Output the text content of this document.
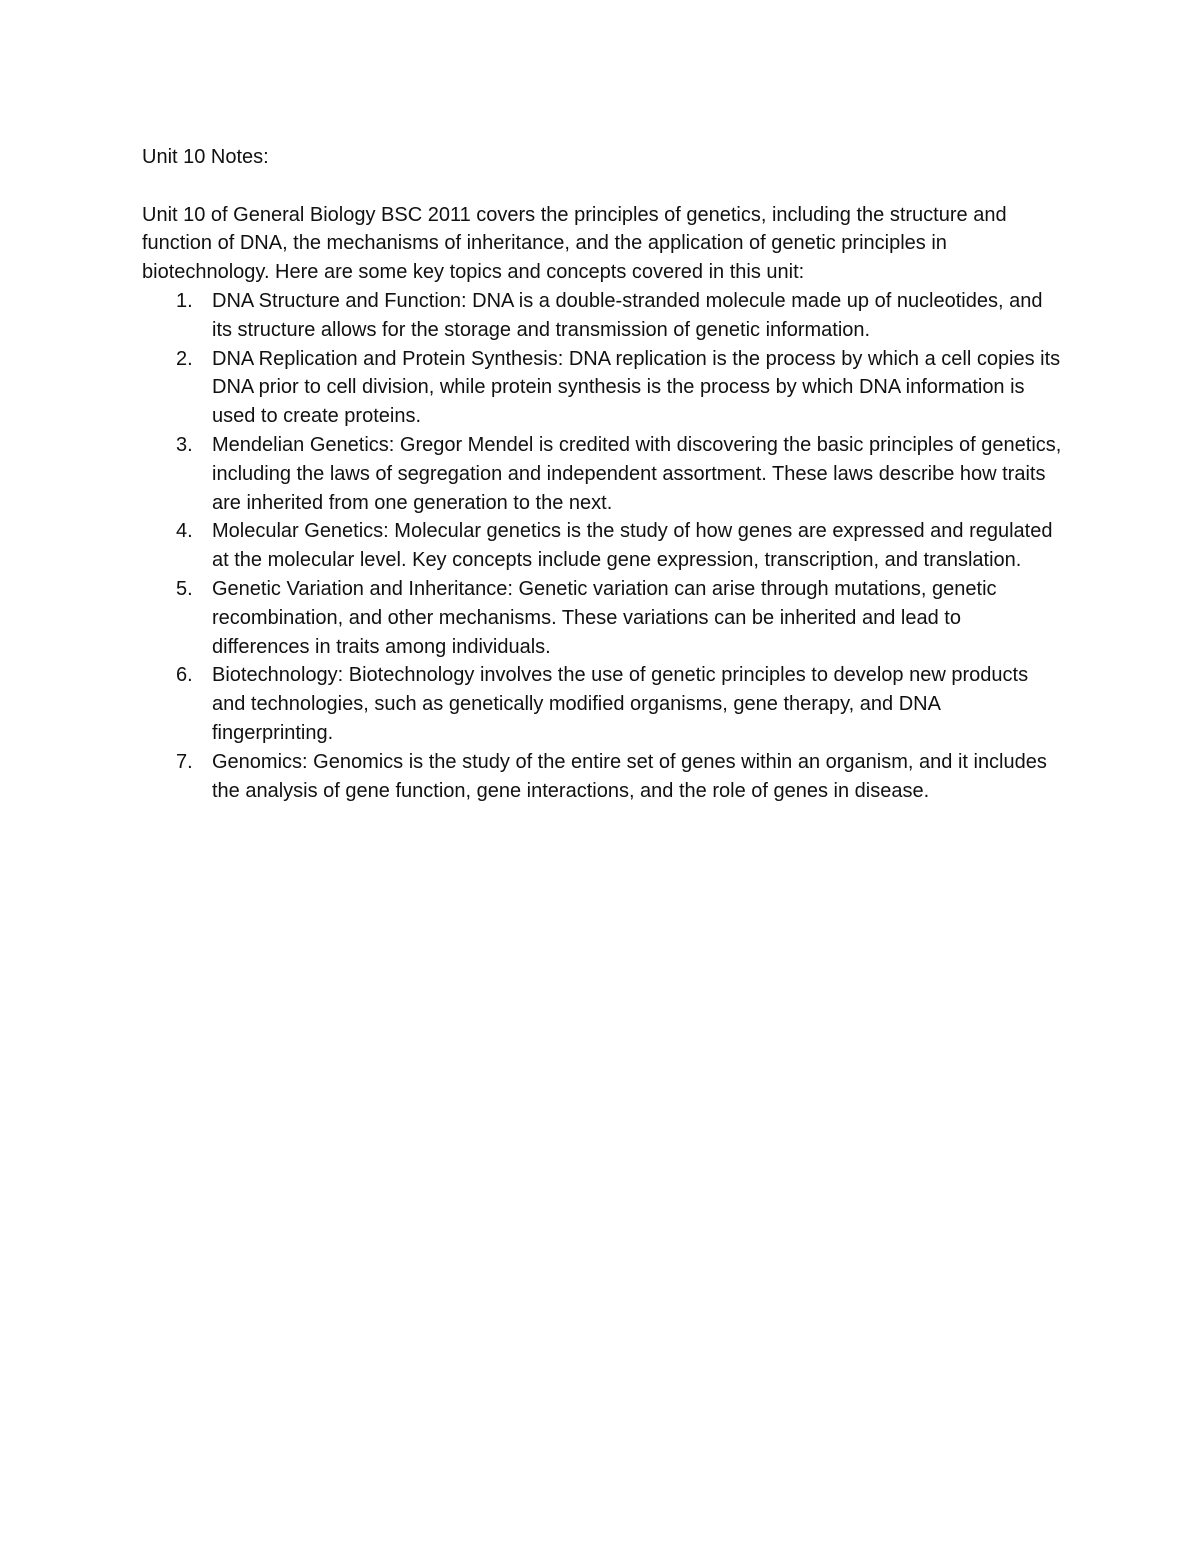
Unit 10 Notes:

Unit 10 of General Biology BSC 2011 covers the principles of genetics, including the structure and function of DNA, the mechanisms of inheritance, and the application of genetic principles in biotechnology. Here are some key topics and concepts covered in this unit:

1. DNA Structure and Function: DNA is a double-stranded molecule made up of nucleotides, and its structure allows for the storage and transmission of genetic information.
2. DNA Replication and Protein Synthesis: DNA replication is the process by which a cell copies its DNA prior to cell division, while protein synthesis is the process by which DNA information is used to create proteins.
3. Mendelian Genetics: Gregor Mendel is credited with discovering the basic principles of genetics, including the laws of segregation and independent assortment. These laws describe how traits are inherited from one generation to the next.
4. Molecular Genetics: Molecular genetics is the study of how genes are expressed and regulated at the molecular level. Key concepts include gene expression, transcription, and translation.
5. Genetic Variation and Inheritance: Genetic variation can arise through mutations, genetic recombination, and other mechanisms. These variations can be inherited and lead to differences in traits among individuals.
6. Biotechnology: Biotechnology involves the use of genetic principles to develop new products and technologies, such as genetically modified organisms, gene therapy, and DNA fingerprinting.
7. Genomics: Genomics is the study of the entire set of genes within an organism, and it includes the analysis of gene function, gene interactions, and the role of genes in disease.
